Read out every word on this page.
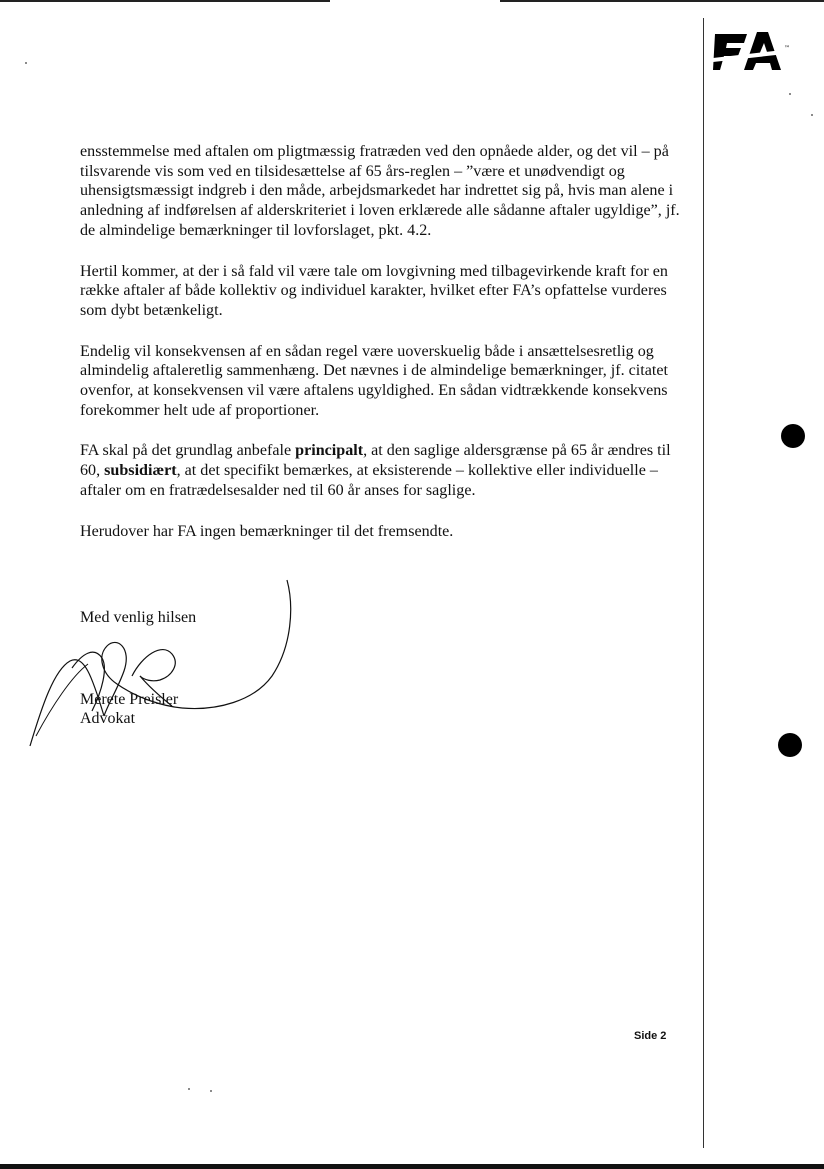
™

ensstemmelse med aftalen om pligtmæssig fratræden ved den opnåede alder, og det vil – på tilsvarende vis som ved en tilsidesættelse af 65 års-reglen – ”være et unødvendigt og uhensigtsmæssigt indgreb i den måde, arbejdsmarkedet har indrettet sig på, hvis man alene i anledning af indførelsen af alderskriteriet i loven erklærede alle sådanne aftaler ugyldige”, jf. de almindelige bemærkninger til lovforslaget, pkt. 4.2.

Hertil kommer, at der i så fald vil være tale om lovgivning med tilbagevirkende kraft for en række aftaler af både kollektiv og individuel karakter, hvilket efter FA’s opfattelse vurderes som dybt betænkeligt.

Endelig vil konsekvensen af en sådan regel være uoverskuelig både i ansættelsesretlig og almindelig aftaleretlig sammenhæng. Det nævnes i de almindelige bemærkninger, jf. citatet ovenfor, at konsekvensen vil være aftalens ugyldighed. En sådan vidtrækkende konsekvens forekommer helt ude af proportioner.

FA skal på det grundlag anbefale principalt, at den saglige aldersgrænse på 65 år ændres til 60, subsidiært, at det specifikt bemærkes, at eksisterende – kollektive eller individuelle – aftaler om en fratrædelsesalder ned til 60 år anses for saglige.

Herudover har FA ingen bemærkninger til det fremsendte.

Med venlig hilsen
Merete Preisler
Advokat
Side 2
